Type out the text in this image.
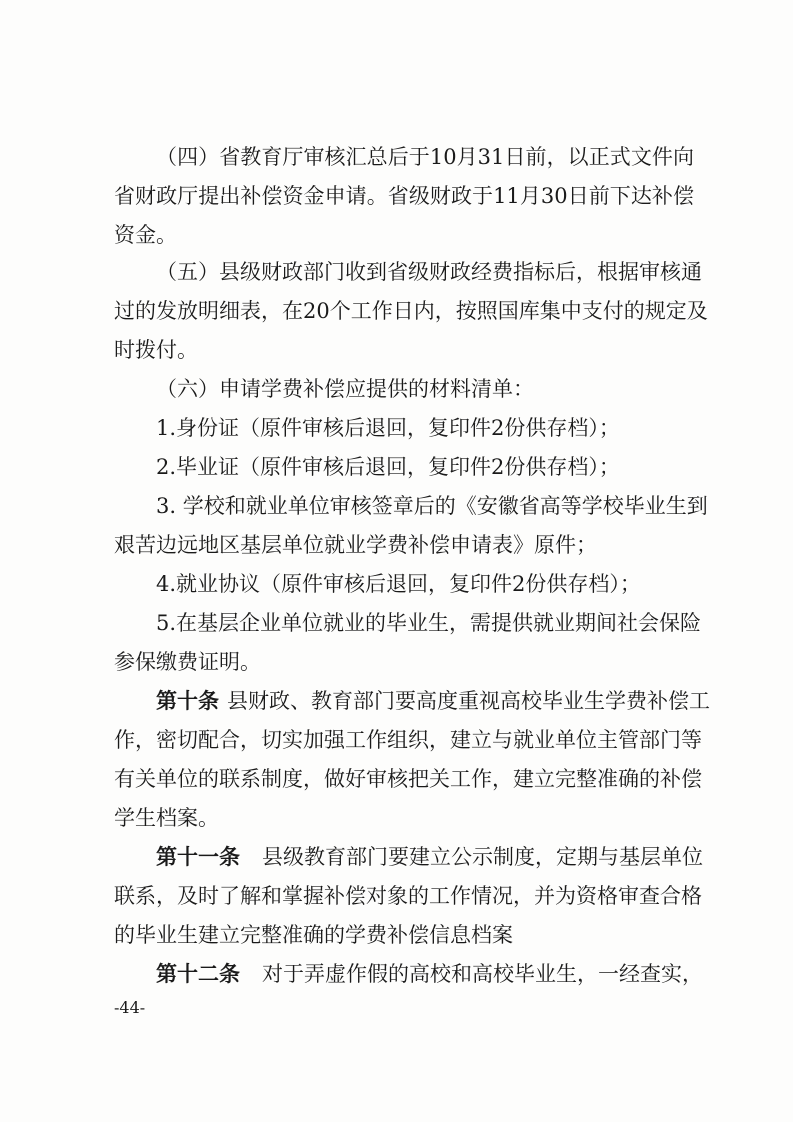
（四）省教育厅审核汇总后于10月31日前，以正式文件向
省财政厅提出补偿资金申请。省级财政于11月30日前下达补偿
资金。
（五）县级财政部门收到省级财政经费指标后，根据审核通
过的发放明细表，在20个工作日内，按照国库集中支付的规定及
时拨付。
（六）申请学费补偿应提供的材料清单：
1.身份证（原件审核后退回，复印件2份供存档）；
2.毕业证（原件审核后退回，复印件2份供存档）；
3. 学校和就业单位审核签章后的《安徽省高等学校毕业生到
艰苦边远地区基层单位就业学费补偿申请表》原件；
4.就业协议（原件审核后退回，复印件2份供存档）；
5.在基层企业单位就业的毕业生，需提供就业期间社会保险
参保缴费证明。
第十条 县财政、教育部门要高度重视高校毕业生学费补偿工
作，密切配合，切实加强工作组织，建立与就业单位主管部门等
有关单位的联系制度，做好审核把关工作，建立完整准确的补偿
学生档案。
第十一条	县级教育部门要建立公示制度，定期与基层单位
联系，及时了解和掌握补偿对象的工作情况，并为资格审查合格
的毕业生建立完整准确的学费补偿信息档案
第十二条	对于弄虚作假的高校和高校毕业生，一经查实，
-44-
